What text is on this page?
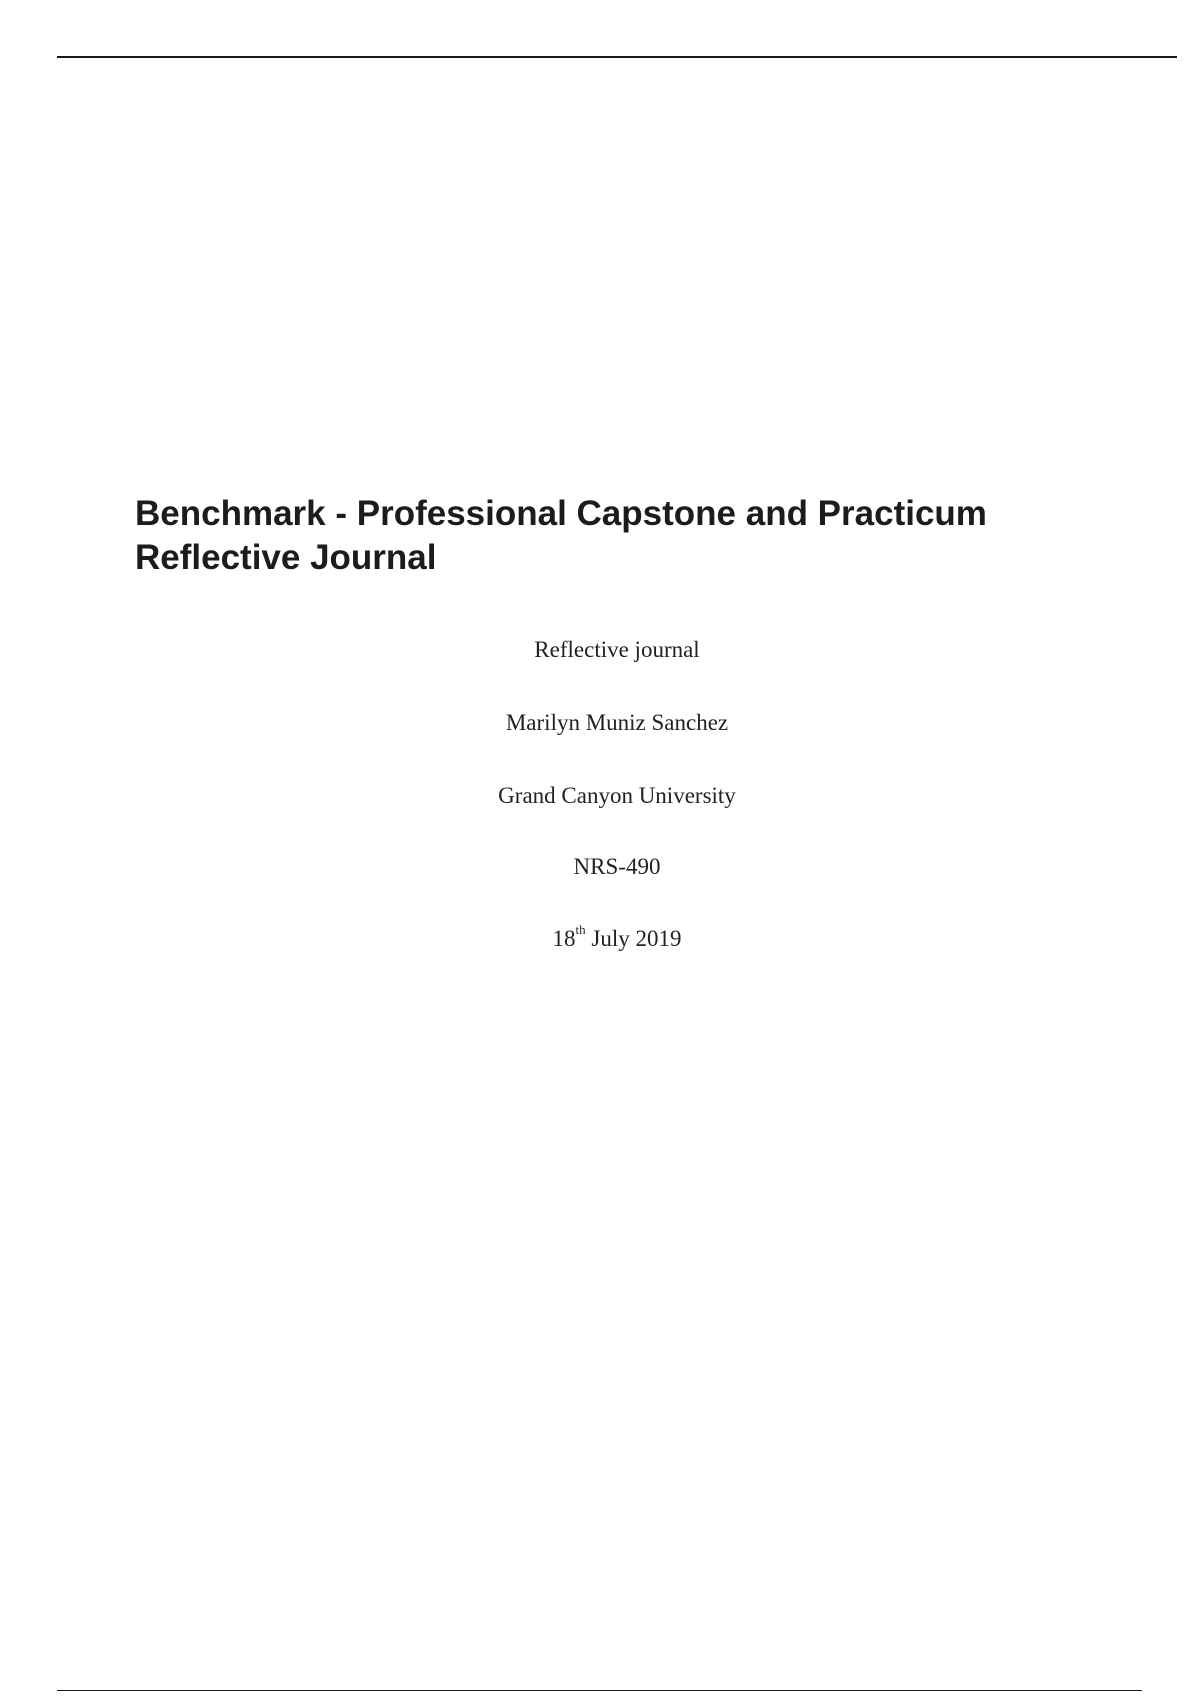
Benchmark - Professional Capstone and Practicum
Reflective Journal
Reflective journal
Marilyn Muniz Sanchez
Grand Canyon University
NRS-490
18th July 2019
